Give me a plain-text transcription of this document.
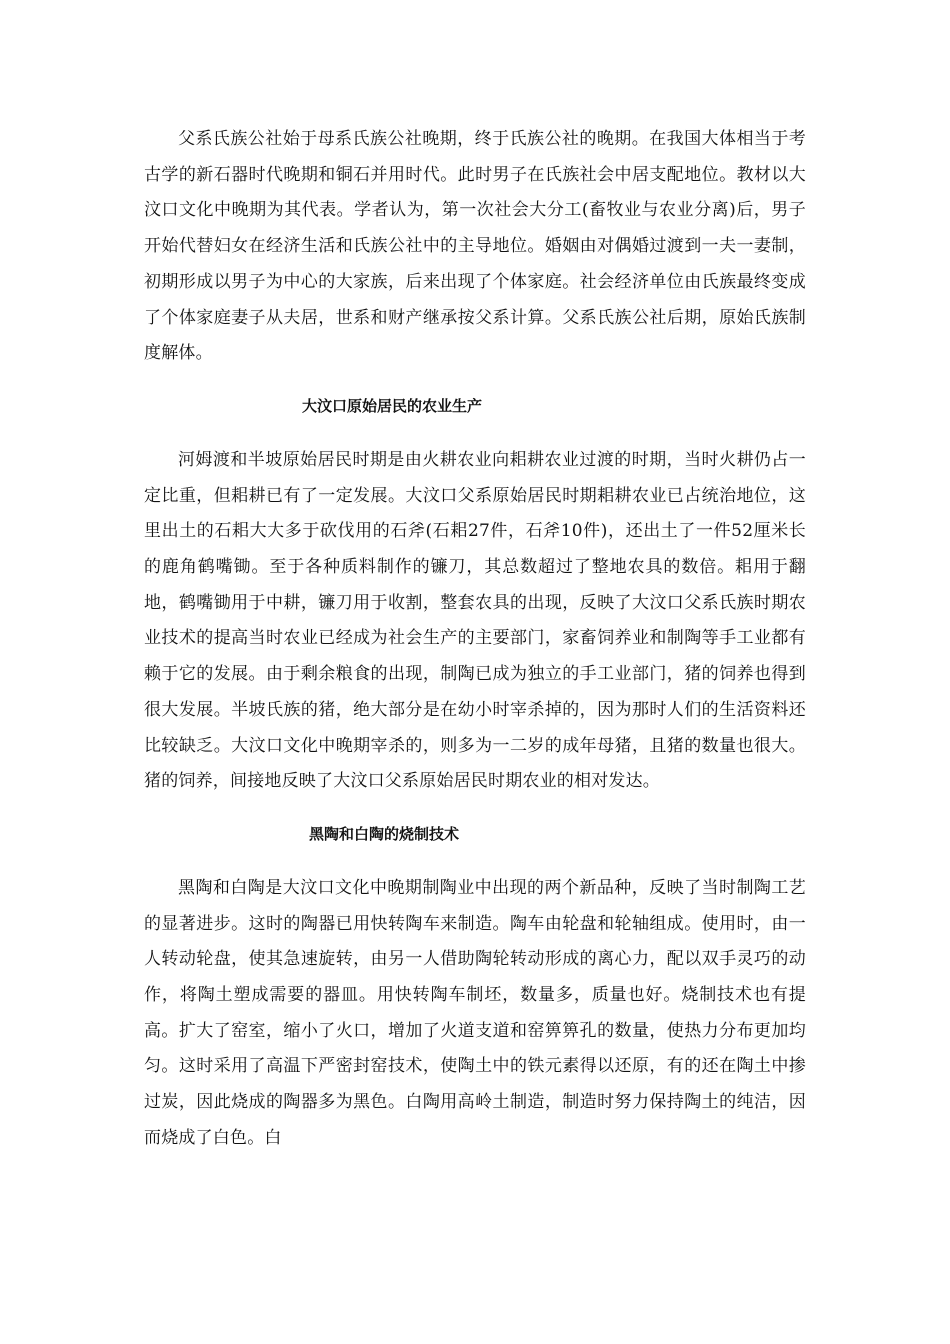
父系氏族公社始于母系氏族公社晚期，终于氏族公社的晚期。在我国大体相当于考古学的新石器时代晚期和铜石并用时代。此时男子在氏族社会中居支配地位。教材以大汶口文化中晚期为其代表。学者认为，第一次社会大分工(畜牧业与农业分离)后，男子开始代替妇女在经济生活和氏族公社中的主导地位。婚姻由对偶婚过渡到一夫一妻制，初期形成以男子为中心的大家族，后来出现了个体家庭。社会经济单位由氏族最终变成了个体家庭妻子从夫居，世系和财产继承按父系计算。父系氏族公社后期，原始氏族制度解体。

大汶口原始居民的农业生产

河姆渡和半坡原始居民时期是由火耕农业向耜耕农业过渡的时期，当时火耕仍占一定比重，但耜耕已有了一定发展。大汶口父系原始居民时期耜耕农业已占统治地位，这里出土的石耜大大多于砍伐用的石斧(石耜27件，石斧10件)，还出土了一件52厘米长的鹿角鹤嘴锄。至于各种质料制作的镰刀，其总数超过了整地农具的数倍。耜用于翻地，鹤嘴锄用于中耕，镰刀用于收割，整套农具的出现，反映了大汶口父系氏族时期农业技术的提高当时农业已经成为社会生产的主要部门，家畜饲养业和制陶等手工业都有赖于它的发展。由于剩余粮食的出现，制陶已成为独立的手工业部门，猪的饲养也得到很大发展。半坡氏族的猪，绝大部分是在幼小时宰杀掉的，因为那时人们的生活资料还比较缺乏。大汶口文化中晚期宰杀的，则多为一二岁的成年母猪，且猪的数量也很大。猪的饲养，间接地反映了大汶口父系原始居民时期农业的相对发达。

黑陶和白陶的烧制技术

黑陶和白陶是大汶口文化中晚期制陶业中出现的两个新品种，反映了当时制陶工艺的显著进步。这时的陶器已用快转陶车来制造。陶车由轮盘和轮轴组成。使用时，由一人转动轮盘，使其急速旋转，由另一人借助陶轮转动形成的离心力，配以双手灵巧的动作，将陶土塑成需要的器皿。用快转陶车制坯，数量多，质量也好。烧制技术也有提高。扩大了窑室，缩小了火口，增加了火道支道和窑箅箅孔的数量，使热力分布更加均匀。这时采用了高温下严密封窑技术，使陶土中的铁元素得以还原，有的还在陶土中掺过炭，因此烧成的陶器多为黑色。白陶用高岭土制造，制造时努力保持陶土的纯洁，因而烧成了白色。白
